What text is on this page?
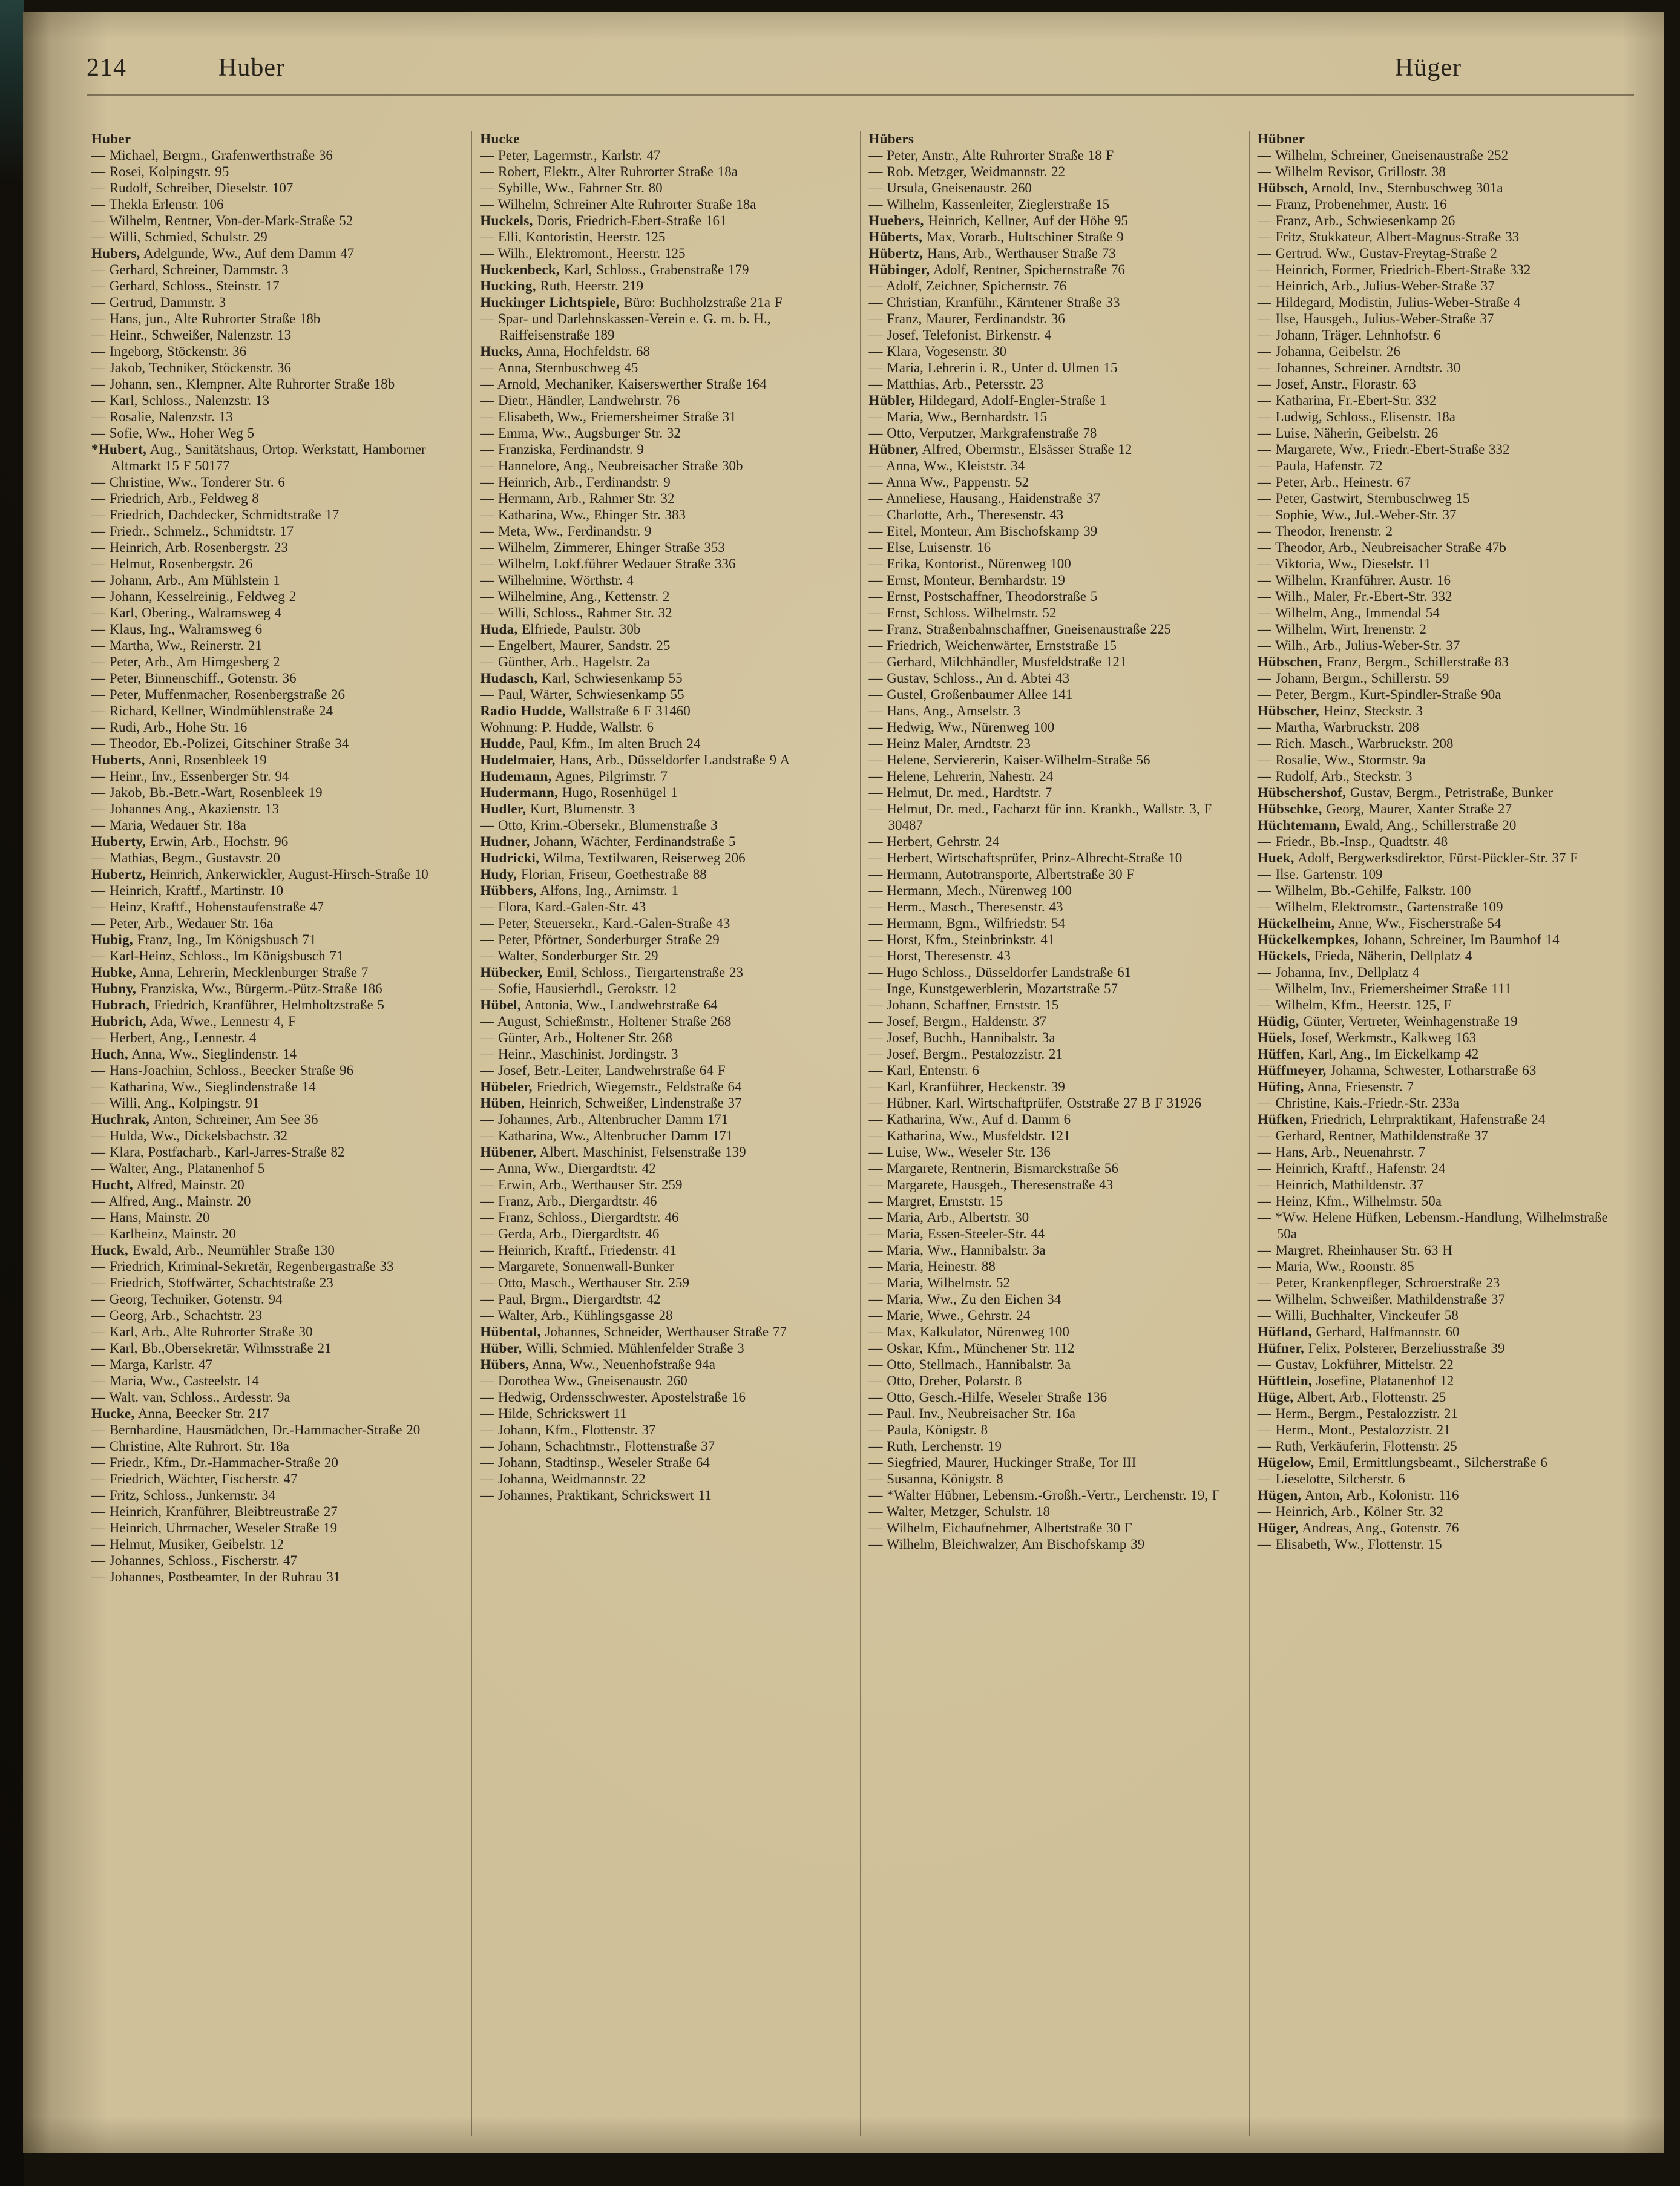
214	Huber	Hüger

Huber

— Michael, Bergm., Grafenwerthstraße 36

— Rosei, Kolpingstr. 95

— Rudolf, Schreiber, Dieselstr. 107

— Thekla Erlenstr. 106

— Wilhelm, Rentner, Von-der-Mark-Straße 52

— Willi, Schmied, Schulstr. 29

Hubers, Adelgunde, Ww., Auf dem Damm 47

— Gerhard, Schreiner, Dammstr. 3

— Gerhard, Schloss., Steinstr. 17

— Gertrud, Dammstr. 3

— Hans, jun., Alte Ruhrorter Straße 18b

— Heinr., Schweißer, Nalenzstr. 13

— Ingeborg, Stöckenstr. 36

— Jakob, Techniker, Stöckenstr. 36

— Johann, sen., Klempner, Alte Ruhrorter Straße 18b

— Karl, Schloss., Nalenzstr. 13

— Rosalie, Nalenzstr. 13

— Sofie, Ww., Hoher Weg 5

*Hubert, Aug., Sanitätshaus, Ortop. Werkstatt, Hamborner Altmarkt 15 F 50177

— Christine, Ww., Tonderer Str. 6

— Friedrich, Arb., Feldweg 8

— Friedrich, Dachdecker, Schmidtstraße 17

— Friedr., Schmelz., Schmidtstr. 17

— Heinrich, Arb. Rosenbergstr. 23

— Helmut, Rosenbergstr. 26

— Johann, Arb., Am Mühlstein 1

— Johann, Kesselreinig., Feldweg 2

— Karl, Obering., Walramsweg 4

— Klaus, Ing., Walramsweg 6

— Martha, Ww., Reinerstr. 21

— Peter, Arb., Am Himgesberg 2

— Peter, Binnenschiff., Gotenstr. 36

— Peter, Muffenmacher, Rosenbergstraße 26

— Richard, Kellner, Windmühlenstraße 24

— Rudi, Arb., Hohe Str. 16

— Theodor, Eb.-Polizei, Gitschiner Straße 34

Huberts, Anni, Rosenbleek 19

— Heinr., Inv., Essenberger Str. 94

— Jakob, Bb.-Betr.-Wart, Rosenbleek 19

— Johannes Ang., Akazienstr. 13

— Maria, Wedauer Str. 18a

Huberty, Erwin, Arb., Hochstr. 96

— Mathias, Begm., Gustavstr. 20

Hubertz, Heinrich, Ankerwickler, August-Hirsch-Straße 10

— Heinrich, Kraftf., Martinstr. 10

— Heinz, Kraftf., Hohenstaufenstraße 47

— Peter, Arb., Wedauer Str. 16a

Hubig, Franz, Ing., Im Königsbusch 71

— Karl-Heinz, Schloss., Im Königsbusch 71

Hubke, Anna, Lehrerin, Mecklenburger Straße 7

Hubny, Franziska, Ww., Bürgerm.-Pütz-Straße 186

Hubrach, Friedrich, Kranführer, Helmholtzstraße 5

Hubrich, Ada, Wwe., Lennestr 4, F

— Herbert, Ang., Lennestr. 4

Huch, Anna, Ww., Sieglindenstr. 14

— Hans-Joachim, Schloss., Beecker Straße 96

— Katharina, Ww., Sieglindenstraße 14

— Willi, Ang., Kolpingstr. 91

Huchrak, Anton, Schreiner, Am See 36

— Hulda, Ww., Dickelsbachstr. 32

— Klara, Postfacharb., Karl-Jarres-Straße 82

— Walter, Ang., Platanenhof 5

Hucht, Alfred, Mainstr. 20

— Alfred, Ang., Mainstr. 20

— Hans, Mainstr. 20

— Karlheinz, Mainstr. 20

Huck, Ewald, Arb., Neumühler Straße 130

— Friedrich, Kriminal-Sekretär, Regenbergastraße 33

— Friedrich, Stoffwärter, Schachtstraße 23

— Georg, Techniker, Gotenstr. 94

— Georg, Arb., Schachtstr. 23

— Karl, Arb., Alte Ruhrorter Straße 30

— Karl, Bb.,Obersekretär, Wilmsstraße 21

— Marga, Karlstr. 47

— Maria, Ww., Casteelstr. 14

— Walt. van, Schloss., Ardesstr. 9a

Hucke, Anna, Beecker Str. 217

— Bernhardine, Hausmädchen, Dr.-Hammacher-Straße 20

— Christine, Alte Ruhrort. Str. 18a

— Friedr., Kfm., Dr.-Hammacher-Straße 20

— Friedrich, Wächter, Fischerstr. 47

— Fritz, Schloss., Junkernstr. 34

— Heinrich, Kranführer, Bleibtreustraße 27

— Heinrich, Uhrmacher, Weseler Straße 19

— Helmut, Musiker, Geibelstr. 12

— Johannes, Schloss., Fischerstr. 47

— Johannes, Postbeamter, In der Ruhrau 31

Hucke

— Peter, Lagermstr., Karlstr. 47

— Robert, Elektr., Alter Ruhrorter Straße 18a

— Sybille, Ww., Fahrner Str. 80

— Wilhelm, Schreiner Alte Ruhrorter Straße 18a

Huckels, Doris, Friedrich-Ebert-Straße 161

— Elli, Kontoristin, Heerstr. 125

— Wilh., Elektromont., Heerstr. 125

Huckenbeck, Karl, Schloss., Grabenstraße 179

Hucking, Ruth, Heerstr. 219

Huckinger Lichtspiele, Büro: Buchholzstraße 21a F

— Spar- und Darlehnskassen-Verein e. G. m. b. H., Raiffeisenstraße 189

Hucks, Anna, Hochfeldstr. 68

— Anna, Sternbuschweg 45

— Arnold, Mechaniker, Kaiserswerther Straße 164

— Dietr., Händler, Landwehrstr. 76

— Elisabeth, Ww., Friemersheimer Straße 31

— Emma, Ww., Augsburger Str. 32

— Franziska, Ferdinandstr. 9

— Hannelore, Ang., Neubreisacher Straße 30b

— Heinrich, Arb., Ferdinandstr. 9

— Hermann, Arb., Rahmer Str. 32

— Katharina, Ww., Ehinger Str. 383

— Meta, Ww., Ferdinandstr. 9

— Wilhelm, Zimmerer, Ehinger Straße 353

— Wilhelm, Lokf.führer Wedauer Straße 336

— Wilhelmine, Wörthstr. 4

— Wilhelmine, Ang., Kettenstr. 2

— Willi, Schloss., Rahmer Str. 32

Huda, Elfriede, Paulstr. 30b

— Engelbert, Maurer, Sandstr. 25

— Günther, Arb., Hagelstr. 2a

Hudasch, Karl, Schwiesenkamp 55

— Paul, Wärter, Schwiesenkamp 55

Radio Hudde, Wallstraße 6 F 31460

Wohnung: P. Hudde, Wallstr. 6

Hudde, Paul, Kfm., Im alten Bruch 24

Hudelmaier, Hans, Arb., Düsseldorfer Landstraße 9 A

Hudemann, Agnes, Pilgrimstr. 7

Hudermann, Hugo, Rosenhügel 1

Hudler, Kurt, Blumenstr. 3

— Otto, Krim.-Obersekr., Blumenstraße 3

Hudner, Johann, Wächter, Ferdinandstraße 5

Hudricki, Wilma, Textilwaren, Reiserweg 206

Hudy, Florian, Friseur, Goethestraße 88

Hübbers, Alfons, Ing., Arnimstr. 1

— Flora, Kard.-Galen-Str. 43

— Peter, Steuersekr., Kard.-Galen-Straße 43

— Peter, Pförtner, Sonderburger Straße 29

— Walter, Sonderburger Str. 29

Hübecker, Emil, Schloss., Tiergartenstraße 23

— Sofie, Hausierhdl., Gerokstr. 12

Hübel, Antonia, Ww., Landwehrstraße 64

— August, Schießmstr., Holtener Straße 268

— Günter, Arb., Holtener Str. 268

— Heinr., Maschinist, Jordingstr. 3

— Josef, Betr.-Leiter, Landwehrstraße 64 F

Hübeler, Friedrich, Wiegemstr., Feldstraße 64

Hüben, Heinrich, Schweißer, Lindenstraße 37

— Johannes, Arb., Altenbrucher Damm 171

— Katharina, Ww., Altenbrucher Damm 171

Hübener, Albert, Maschinist, Felsenstraße 139

— Anna, Ww., Diergardtstr. 42

— Erwin, Arb., Werthauser Str. 259

— Franz, Arb., Diergardtstr. 46

— Franz, Schloss., Diergardtstr. 46

— Gerda, Arb., Diergardtstr. 46

— Heinrich, Kraftf., Friedenstr. 41

— Margarete, Sonnenwall-Bunker

— Otto, Masch., Werthauser Str. 259

— Paul, Brgm., Diergardtstr. 42

— Walter, Arb., Kühlingsgasse 28

Hübental, Johannes, Schneider, Werthauser Straße 77

Hüber, Willi, Schmied, Mühlenfelder Straße 3

Hübers, Anna, Ww., Neuenhofstraße 94a

— Dorothea Ww., Gneisenaustr. 260

— Hedwig, Ordensschwester, Apostelstraße 16

— Hilde, Schrickswert 11

— Johann, Kfm., Flottenstr. 37

— Johann, Schachtmstr., Flottenstraße 37

— Johann, Stadtinsp., Weseler Straße 64

— Johanna, Weidmannstr. 22

— Johannes, Praktikant, Schrickswert 11

Hübers

— Peter, Anstr., Alte Ruhrorter Straße 18 F

— Rob. Metzger, Weidmannstr. 22

— Ursula, Gneisenaustr. 260

— Wilhelm, Kassenleiter, Zieglerstraße 15

Huebers, Heinrich, Kellner, Auf der Höhe 95

Hüberts, Max, Vorarb., Hultschiner Straße 9

Hübertz, Hans, Arb., Werthauser Straße 73

Hübinger, Adolf, Rentner, Spichernstraße 76

— Adolf, Zeichner, Spichernstr. 76

— Christian, Kranführ., Kärntener Straße 33

— Franz, Maurer, Ferdinandstr. 36

— Josef, Telefonist, Birkenstr. 4

— Klara, Vogesenstr. 30

— Maria, Lehrerin i. R., Unter d. Ulmen 15

— Matthias, Arb., Petersstr. 23

Hübler, Hildegard, Adolf-Engler-Straße 1

— Maria, Ww., Bernhardstr. 15

— Otto, Verputzer, Markgrafenstraße 78

Hübner, Alfred, Obermstr., Elsässer Straße 12

— Anna, Ww., Kleiststr. 34

— Anna Ww., Pappenstr. 52

— Anneliese, Hausang., Haidenstraße 37

— Charlotte, Arb., Theresenstr. 43

— Eitel, Monteur, Am Bischofskamp 39

— Else, Luisenstr. 16

— Erika, Kontorist., Nürenweg 100

— Ernst, Monteur, Bernhardstr. 19

— Ernst, Postschaffner, Theodorstraße 5

— Ernst, Schloss. Wilhelmstr. 52

— Franz, Straßenbahnschaffner, Gneisenaustraße 225

— Friedrich, Weichenwärter, Ernststraße 15

— Gerhard, Milchhändler, Musfeldstraße 121

— Gustav, Schloss., An d. Abtei 43

— Gustel, Großenbaumer Allee 141

— Hans, Ang., Amselstr. 3

— Hedwig, Ww., Nürenweg 100

— Heinz Maler, Arndtstr. 23

— Helene, Serviererin, Kaiser-Wilhelm-Straße 56

— Helene, Lehrerin, Nahestr. 24

— Helmut, Dr. med., Hardtstr. 7

— Helmut, Dr. med., Facharzt für inn. Krankh., Wallstr. 3, F 30487

— Herbert, Gehrstr. 24

— Herbert, Wirtschaftsprüfer, Prinz-Albrecht-Straße 10

— Hermann, Autotransporte, Albertstraße 30 F

— Hermann, Mech., Nürenweg 100

— Herm., Masch., Theresenstr. 43

— Hermann, Bgm., Wilfriedstr. 54

— Horst, Kfm., Steinbrinkstr. 41

— Horst, Theresenstr. 43

— Hugo Schloss., Düsseldorfer Landstraße 61

— Inge, Kunstgewerblerin, Mozartstraße 57

— Johann, Schaffner, Ernststr. 15

— Josef, Bergm., Haldenstr. 37

— Josef, Buchh., Hannibalstr. 3a

— Josef, Bergm., Pestalozzistr. 21

— Karl, Entenstr. 6

— Karl, Kranführer, Heckenstr. 39

— Hübner, Karl, Wirtschaftprüfer, Oststraße 27 B F 31926

— Katharina, Ww., Auf d. Damm 6

— Katharina, Ww., Musfeldstr. 121

— Luise, Ww., Weseler Str. 136

— Margarete, Rentnerin, Bismarckstraße 56

— Margarete, Hausgeh., Theresenstraße 43

— Margret, Ernststr. 15

— Maria, Arb., Albertstr. 30

— Maria, Essen-Steeler-Str. 44

— Maria, Ww., Hannibalstr. 3a

— Maria, Heinestr. 88

— Maria, Wilhelmstr. 52

— Maria, Ww., Zu den Eichen 34

— Marie, Wwe., Gehrstr. 24

— Max, Kalkulator, Nürenweg 100

— Oskar, Kfm., Münchener Str. 112

— Otto, Stellmach., Hannibalstr. 3a

— Otto, Dreher, Polarstr. 8

— Otto, Gesch.-Hilfe, Weseler Straße 136

— Paul. Inv., Neubreisacher Str. 16a

— Paula, Königstr. 8

— Ruth, Lerchenstr. 19

— Siegfried, Maurer, Huckinger Straße, Tor III

— Susanna, Königstr. 8

— *Walter Hübner, Lebensm.-Großh.-Vertr., Lerchenstr. 19, F

— Walter, Metzger, Schulstr. 18

— Wilhelm, Eichaufnehmer, Albertstraße 30 F

— Wilhelm, Bleichwalzer, Am Bischofskamp 39

Hübner

— Wilhelm, Schreiner, Gneisenaustraße 252

— Wilhelm Revisor, Grillostr. 38

Hübsch, Arnold, Inv., Sternbuschweg 301a

— Franz, Probenehmer, Austr. 16

— Franz, Arb., Schwiesenkamp 26

— Fritz, Stukkateur, Albert-Magnus-Straße 33

— Gertrud. Ww., Gustav-Freytag-Straße 2

— Heinrich, Former, Friedrich-Ebert-Straße 332

— Heinrich, Arb., Julius-Weber-Straße 37

— Hildegard, Modistin, Julius-Weber-Straße 4

— Ilse, Hausgeh., Julius-Weber-Straße 37

— Johann, Träger, Lehnhofstr. 6

— Johanna, Geibelstr. 26

— Johannes, Schreiner. Arndtstr. 30

— Josef, Anstr., Florastr. 63

— Katharina, Fr.-Ebert-Str. 332

— Ludwig, Schloss., Elisenstr. 18a

— Luise, Näherin, Geibelstr. 26

— Margarete, Ww., Friedr.-Ebert-Straße 332

— Paula, Hafenstr. 72

— Peter, Arb., Heinestr. 67

— Peter, Gastwirt, Sternbuschweg 15

— Sophie, Ww., Jul.-Weber-Str. 37

— Theodor, Irenenstr. 2

— Theodor, Arb., Neubreisacher Straße 47b

— Viktoria, Ww., Dieselstr. 11

— Wilhelm, Kranführer, Austr. 16

— Wilh., Maler, Fr.-Ebert-Str. 332

— Wilhelm, Ang., Immendal 54

— Wilhelm, Wirt, Irenenstr. 2

— Wilh., Arb., Julius-Weber-Str. 37

Hübschen, Franz, Bergm., Schillerstraße 83

— Johann, Bergm., Schillerstr. 59

— Peter, Bergm., Kurt-Spindler-Straße 90a

Hübscher, Heinz, Steckstr. 3

— Martha, Warbruckstr. 208

— Rich. Masch., Warbruckstr. 208

— Rosalie, Ww., Stormstr. 9a

— Rudolf, Arb., Steckstr. 3

Hübschershof, Gustav, Bergm., Petristraße, Bunker

Hübschke, Georg, Maurer, Xanter Straße 27

Hüchtemann, Ewald, Ang., Schillerstraße 20

— Friedr., Bb.-Insp., Quadtstr. 48

Huek, Adolf, Bergwerksdirektor, Fürst-Pückler-Str. 37 F

— Ilse. Gartenstr. 109

— Wilhelm, Bb.-Gehilfe, Falkstr. 100

— Wilhelm, Elektromstr., Gartenstraße 109

Hückelheim, Anne, Ww., Fischerstraße 54

Hückelkempkes, Johann, Schreiner, Im Baumhof 14

Hückels, Frieda, Näherin, Dellplatz 4

— Johanna, Inv., Dellplatz 4

— Wilhelm, Inv., Friemersheimer Straße 111

— Wilhelm, Kfm., Heerstr. 125, F

Hüdig, Günter, Vertreter, Weinhagenstraße 19

Hüels, Josef, Werkmstr., Kalkweg 163

Hüffen, Karl, Ang., Im Eickelkamp 42

Hüffmeyer, Johanna, Schwester, Lotharstraße 63

Hüfing, Anna, Friesenstr. 7

— Christine, Kais.-Friedr.-Str. 233a

Hüfken, Friedrich, Lehrpraktikant, Hafenstraße 24

— Gerhard, Rentner, Mathildenstraße 37

— Hans, Arb., Neuenahrstr. 7

— Heinrich, Kraftf., Hafenstr. 24

— Heinrich, Mathildenstr. 37

— Heinz, Kfm., Wilhelmstr. 50a

— *Ww. Helene Hüfken, Lebensm.-Handlung, Wilhelmstraße 50a

— Margret, Rheinhauser Str. 63 H

— Maria, Ww., Roonstr. 85

— Peter, Krankenpfleger, Schroerstraße 23

— Wilhelm, Schweißer, Mathildenstraße 37

— Willi, Buchhalter, Vinckeufer 58

Hüfland, Gerhard, Halfmannstr. 60

Hüfner, Felix, Polsterer, Berzeliusstraße 39

— Gustav, Lokführer, Mittelstr. 22

Hüftlein, Josefine, Platanenhof 12

Hüge, Albert, Arb., Flottenstr. 25

— Herm., Bergm., Pestalozzistr. 21

— Herm., Mont., Pestalozzistr. 21

— Ruth, Verkäuferin, Flottenstr. 25

Hügelow, Emil, Ermittlungsbeamt., Silcherstraße 6

— Lieselotte, Silcherstr. 6

Hügen, Anton, Arb., Kolonistr. 116

— Heinrich, Arb., Kölner Str. 32

Hüger, Andreas, Ang., Gotenstr. 76

— Elisabeth, Ww., Flottenstr. 15
